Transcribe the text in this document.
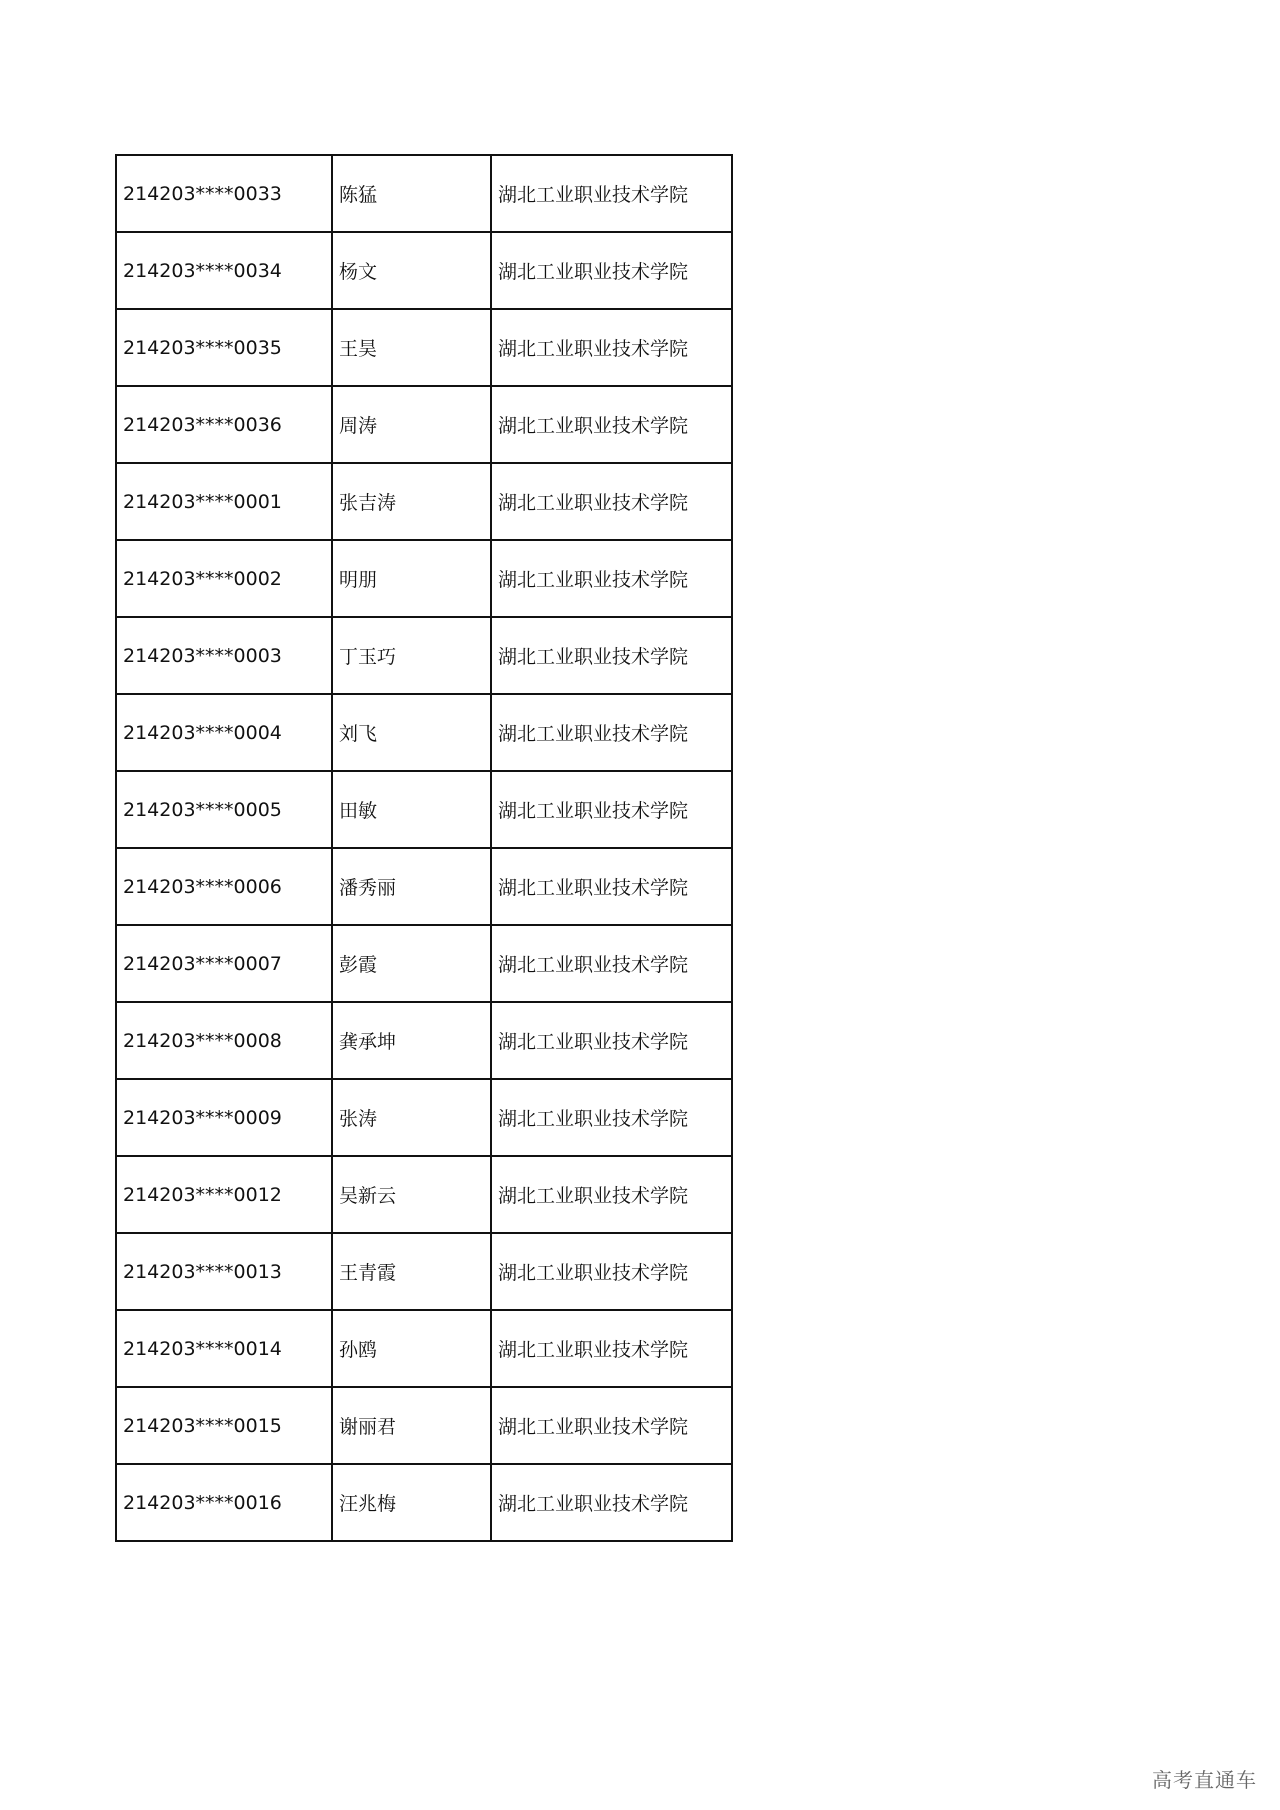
214203****0033	陈猛	湖北工业职业技术学院
214203****0034	杨文	湖北工业职业技术学院
214203****0035	王昊	湖北工业职业技术学院
214203****0036	周涛	湖北工业职业技术学院
214203****0001	张吉涛	湖北工业职业技术学院
214203****0002	明朋	湖北工业职业技术学院
214203****0003	丁玉巧	湖北工业职业技术学院
214203****0004	刘飞	湖北工业职业技术学院
214203****0005	田敏	湖北工业职业技术学院
214203****0006	潘秀丽	湖北工业职业技术学院
214203****0007	彭霞	湖北工业职业技术学院
214203****0008	龚承坤	湖北工业职业技术学院
214203****0009	张涛	湖北工业职业技术学院
214203****0012	吴新云	湖北工业职业技术学院
214203****0013	王青霞	湖北工业职业技术学院
214203****0014	孙鸥	湖北工业职业技术学院
214203****0015	谢丽君	湖北工业职业技术学院
214203****0016	汪兆梅	湖北工业职业技术学院
高考直通车
